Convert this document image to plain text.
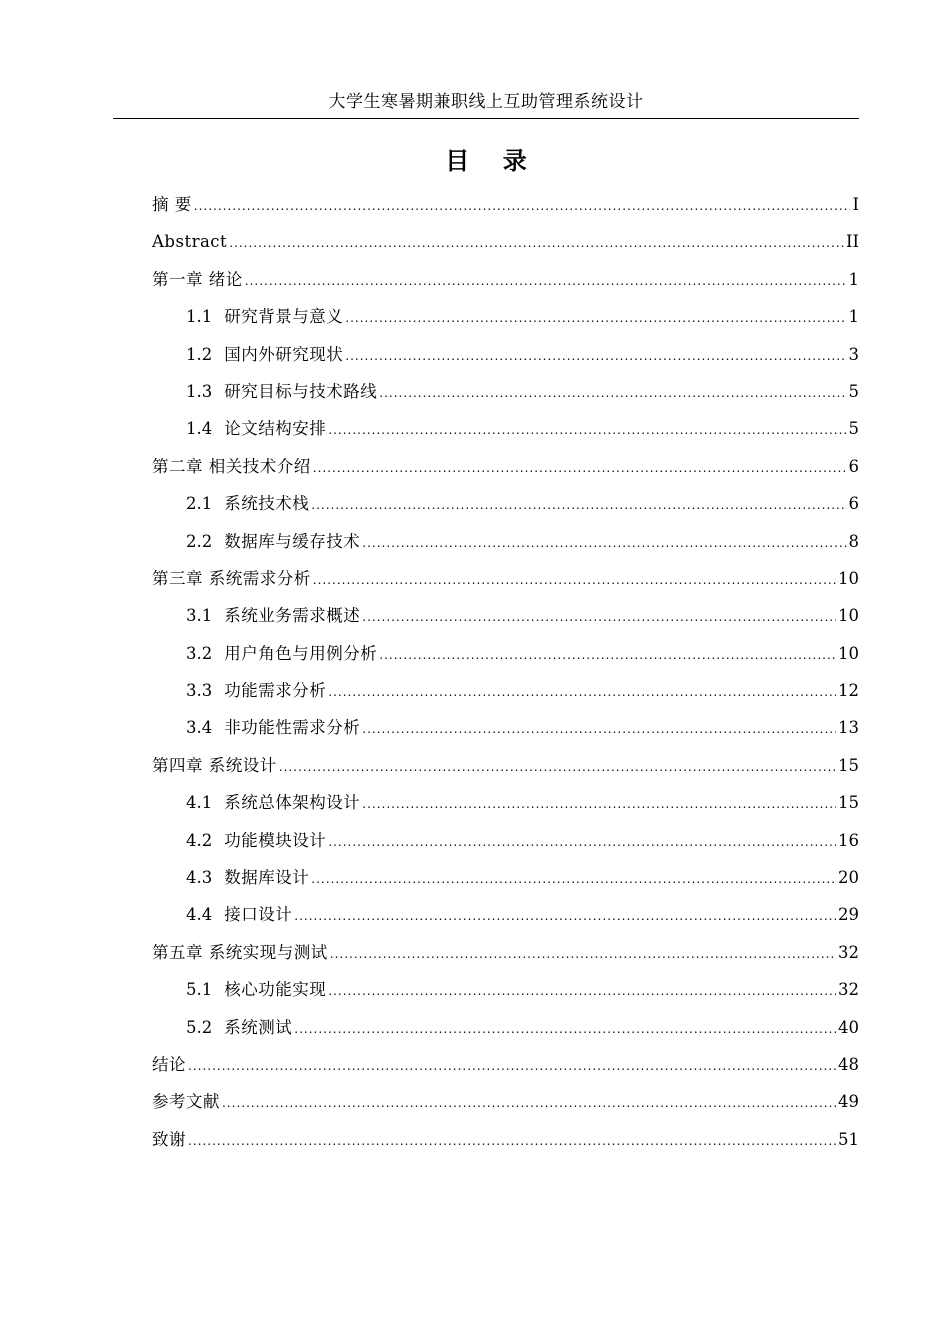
大学生寒暑期兼职线上互助管理系统设计
目    录
摘 要 .....	I
Abstract .....	II
第一章 绪论 .....	1
1.1 研究背景与意义 .....	1
1.2 国内外研究现状 .....	3
1.3 研究目标与技术路线 .....	5
1.4 论文结构安排 .....	5
第二章 相关技术介绍 .....	6
2.1 系统技术栈 .....	6
2.2 数据库与缓存技术 .....	8
第三章 系统需求分析 .....	10
3.1 系统业务需求概述 .....	10
3.2 用户角色与用例分析 .....	10
3.3 功能需求分析 .....	12
3.4 非功能性需求分析 .....	13
第四章 系统设计 .....	15
4.1 系统总体架构设计 .....	15
4.2 功能模块设计 .....	16
4.3 数据库设计 .....	20
4.4 接口设计 .....	29
第五章 系统实现与测试 .....	32
5.1 核心功能实现 .....	32
5.2 系统测试 .....	40
结论 .....	48
参考文献 .....	49
致谢 .....	51
